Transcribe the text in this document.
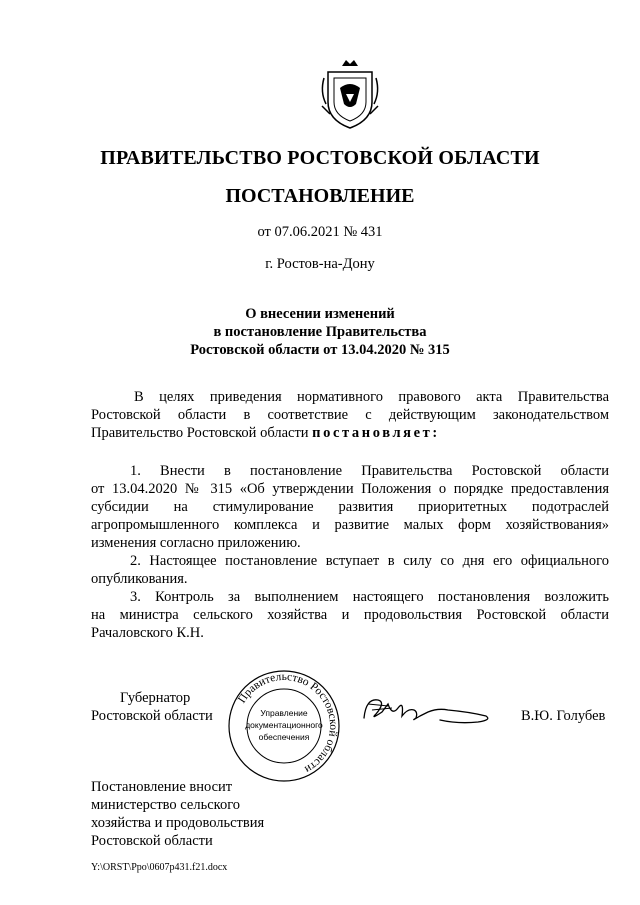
ПРАВИТЕЛЬСТВО РОСТОВСКОЙ ОБЛАСТИ
ПОСТАНОВЛЕНИЕ
от 07.06.2021 № 431
г. Ростов-на-Дону
О внесении изменений
в постановление Правительства
Ростовской области от 13.04.2020 № 315
В целях приведения нормативного правового акта Правительства
Ростовской области в соответствие с действующим законодательством
Правительство Ростовской области постановляет:
1. Внести в постановление Правительства Ростовской области
от 13.04.2020 № 315 «Об утверждении Положения о порядке предоставления
субсидии на стимулирование развития приоритетных подотраслей
агропромышленного комплекса и развитие малых форм хозяйствования»
изменения согласно приложению.
2. Настоящее постановление вступает в силу со дня его официального
опубликования.
3. Контроль за выполнением настоящего постановления возложить
на министра сельского хозяйства и продовольствия Ростовской области
Рачаловского К.Н.
Губернатор
Ростовской области
Правительство Ростовской области
Управление
документационного
обеспечения
В.Ю. Голубев
Постановление вносит
министерство сельского
хозяйства и продовольствия
Ростовской области
Y:\ORST\Ppo\0607p431.f21.docx
